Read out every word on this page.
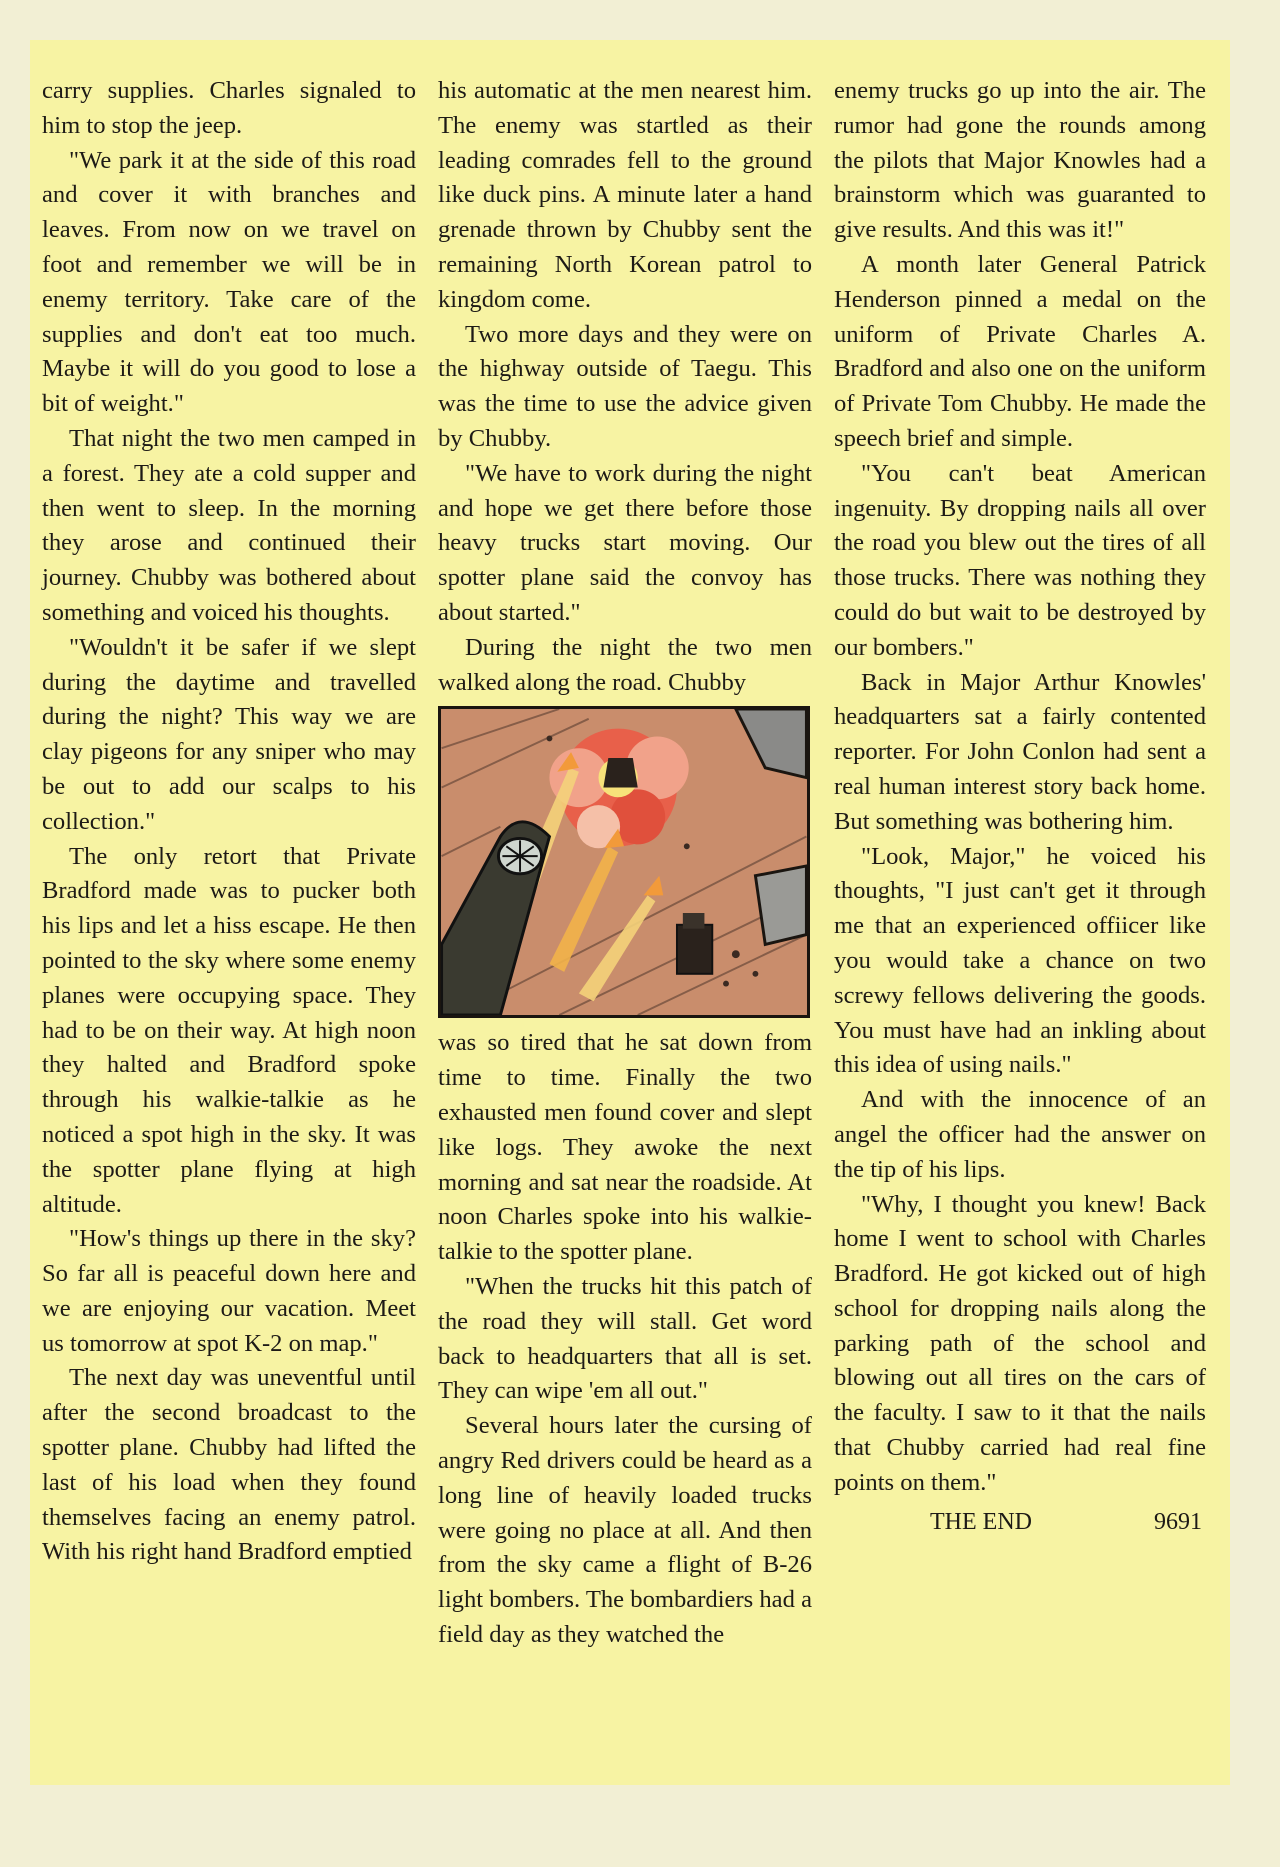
carry supplies. Charles signaled to him to stop the jeep.

"We park it at the side of this road and cover it with branches and leaves. From now on we travel on foot and remember we will be in enemy territory. Take care of the supplies and don't eat too much. Maybe it will do you good to lose a bit of weight."

That night the two men camped in a forest. They ate a cold supper and then went to sleep. In the morning they arose and continued their journey. Chubby was bothered about something and voiced his thoughts.

"Wouldn't it be safer if we slept during the daytime and travelled during the night? This way we are clay pigeons for any sniper who may be out to add our scalps to his collection."

The only retort that Private Bradford made was to pucker both his lips and let a hiss escape. He then pointed to the sky where some enemy planes were occupying space. They had to be on their way. At high noon they halted and Bradford spoke through his walkie-talkie as he noticed a spot high in the sky. It was the spotter plane flying at high altitude.

"How's things up there in the sky? So far all is peaceful down here and we are enjoying our vacation. Meet us tomorrow at spot K-2 on map."

The next day was uneventful until after the second broadcast to the spotter plane. Chubby had lifted the last of his load when they found themselves facing an enemy patrol. With his right hand Bradford emptied

his automatic at the men nearest him. The enemy was startled as their leading comrades fell to the ground like duck pins. A minute later a hand grenade thrown by Chubby sent the remaining North Korean patrol to kingdom come.

Two more days and they were on the highway outside of Taegu. This was the time to use the advice given by Chubby.

"We have to work during the night and hope we get there before those heavy trucks start moving. Our spotter plane said the convoy has about started."

During the night the two men walked along the road. Chubby

was so tired that he sat down from time to time. Finally the two exhausted men found cover and slept like logs. They awoke the next morning and sat near the roadside. At noon Charles spoke into his walkie-talkie to the spotter plane.

"When the trucks hit this patch of the road they will stall. Get word back to headquarters that all is set. They can wipe 'em all out."

Several hours later the cursing of angry Red drivers could be heard as a long line of heavily loaded trucks were going no place at all. And then from the sky came a flight of B-26 light bombers. The bombardiers had a field day as they watched the

enemy trucks go up into the air. The rumor had gone the rounds among the pilots that Major Knowles had a brainstorm which was guaranted to give results. And this was it!"

A month later General Patrick Henderson pinned a medal on the uniform of Private Charles A. Bradford and also one on the uniform of Private Tom Chubby. He made the speech brief and simple.

"You can't beat American ingenuity. By dropping nails all over the road you blew out the tires of all those trucks. There was nothing they could do but wait to be destroyed by our bombers."

Back in Major Arthur Knowles' headquarters sat a fairly contented reporter. For John Conlon had sent a real human interest story back home. But something was bothering him.

"Look, Major," he voiced his thoughts, "I just can't get it through me that an experienced offiicer like you would take a chance on two screwy fellows delivering the goods. You must have had an inkling about this idea of using nails."

And with the innocence of an angel the officer had the answer on the tip of his lips.

"Why, I thought you knew! Back home I went to school with Charles Bradford. He got kicked out of high school for dropping nails along the parking path of the school and blowing out all tires on the cars of the faculty. I saw to it that the nails that Chubby carried had real fine points on them."

THE END	9691
